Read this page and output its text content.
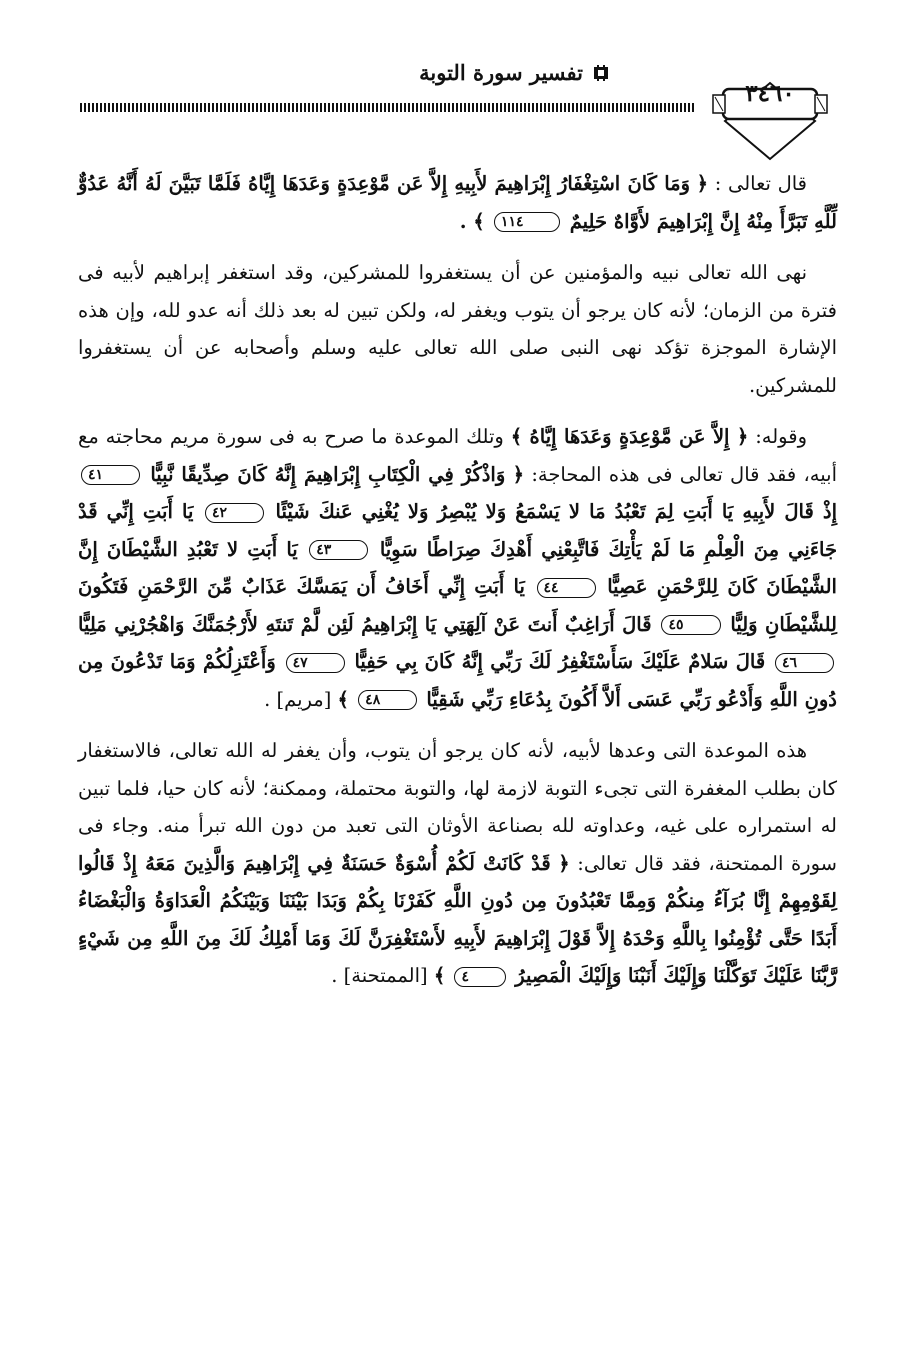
تفسير سورة التوبة
٣٤٦٠

قال تعالى : ﴿ وَمَا كَانَ اسْتِغْفَارُ إِبْرَاهِيمَ لأَبِيهِ إِلاَّ عَن مَّوْعِدَةٍ وَعَدَهَا إِيَّاهُ فَلَمَّا تَبَيَّنَ لَهُ أَنَّهُ عَدُوٌّ لِّلَّهِ تَبَرَّأَ مِنْهُ إِنَّ إِبْرَاهِيمَ لأَوَّاهٌ حَلِيمٌ ١١٤ ﴾ .

نهى الله تعالى نبيه والمؤمنين عن أن يستغفروا للمشركين، وقد استغفر إبراهيم لأبيه فى فترة من الزمان؛ لأنه كان يرجو أن يتوب ويغفر له، ولكن تبين له بعد ذلك أنه عدو لله، وإن هذه الإشارة الموجزة تؤكد نهى النبى صلى الله تعالى عليه وسلم وأصحابه عن أن يستغفروا للمشركين.

وقوله: ﴿ إِلاَّ عَن مَّوْعِدَةٍ وَعَدَهَا إِيَّاهُ ﴾ وتلك الموعدة ما صرح به فى سورة مريم محاجته مع أبيه، فقد قال تعالى فى هذه المحاجة: ﴿ وَاذْكُرْ فِي الْكِتَابِ إِبْرَاهِيمَ إِنَّهُ كَانَ صِدِّيقًا نَّبِيًّا ٤١ إِذْ قَالَ لأَبِيهِ يَا أَبَتِ لِمَ تَعْبُدُ مَا لا يَسْمَعُ وَلا يُبْصِرُ وَلا يُغْنِي عَنكَ شَيْئًا ٤٢ يَا أَبَتِ إِنِّي قَدْ جَاءَنِي مِنَ الْعِلْمِ مَا لَمْ يَأْتِكَ فَاتَّبِعْنِي أَهْدِكَ صِرَاطًا سَوِيًّا ٤٣ يَا أَبَتِ لا تَعْبُدِ الشَّيْطَانَ إِنَّ الشَّيْطَانَ كَانَ لِلرَّحْمَنِ عَصِيًّا ٤٤ يَا أَبَتِ إِنِّي أَخَافُ أَن يَمَسَّكَ عَذَابٌ مِّنَ الرَّحْمَنِ فَتَكُونَ لِلشَّيْطَانِ وَلِيًّا ٤٥ قَالَ أَرَاغِبٌ أَنتَ عَنْ آلِهَتِي يَا إِبْرَاهِيمُ لَئِن لَّمْ تَنتَهِ لأَرْجُمَنَّكَ وَاهْجُرْنِي مَلِيًّا ٤٦ قَالَ سَلامٌ عَلَيْكَ سَأَسْتَغْفِرُ لَكَ رَبِّي إِنَّهُ كَانَ بِي حَفِيًّا ٤٧ وَأَعْتَزِلُكُمْ وَمَا تَدْعُونَ مِن دُونِ اللَّهِ وَأَدْعُو رَبِّي عَسَى أَلاَّ أَكُونَ بِدُعَاءِ رَبِّي شَقِيًّا ٤٨ ﴾ [مريم] .

هذه الموعدة التى وعدها لأبيه، لأنه كان يرجو أن يتوب، وأن يغفر له الله تعالى، فالاستغفار كان بطلب المغفرة التى تجىء التوبة لازمة لها، والتوبة محتملة، وممكنة؛ لأنه كان حيا، فلما تبين له استمراره على غيه، وعداوته لله بصناعة الأوثان التى تعبد من دون الله تبرأ منه. وجاء فى سورة الممتحنة، فقد قال تعالى: ﴿ قَدْ كَانَتْ لَكُمْ أُسْوَةٌ حَسَنَةٌ فِي إِبْرَاهِيمَ وَالَّذِينَ مَعَهُ إِذْ قَالُوا لِقَوْمِهِمْ إِنَّا بُرَآءُ مِنكُمْ وَمِمَّا تَعْبُدُونَ مِن دُونِ اللَّهِ كَفَرْنَا بِكُمْ وَبَدَا بَيْنَنَا وَبَيْنَكُمُ الْعَدَاوَةُ وَالْبَغْضَاءُ أَبَدًا حَتَّى تُؤْمِنُوا بِاللَّهِ وَحْدَهُ إِلاَّ قَوْلَ إِبْرَاهِيمَ لأَبِيهِ لأَسْتَغْفِرَنَّ لَكَ وَمَا أَمْلِكُ لَكَ مِنَ اللَّهِ مِن شَيْءٍ رَّبَّنَا عَلَيْكَ تَوَكَّلْنَا وَإِلَيْكَ أَنَبْنَا وَإِلَيْكَ الْمَصِيرُ ٤ ﴾ [الممتحنة] .
